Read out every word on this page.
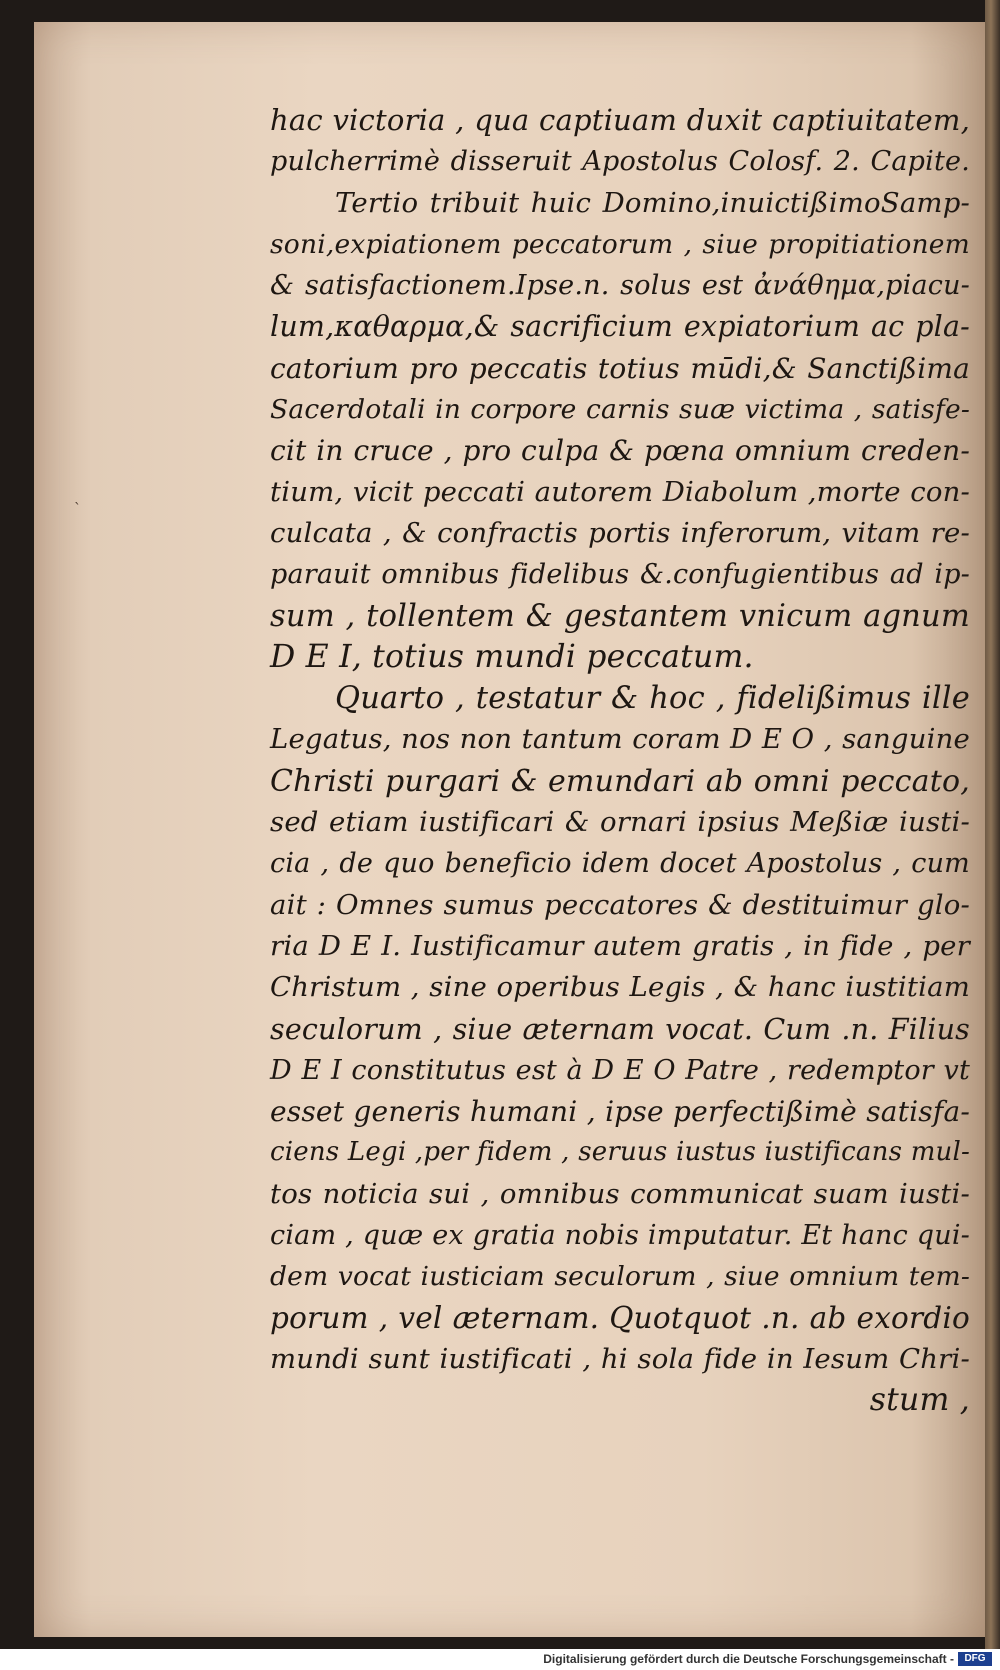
ˎ
hac victoria , qua captiuam duxit captiuitatem,
pulcherrimè disseruit Apostolus Colosf. 2. Capite.
Tertio tribuit huic Domino,inuictißimoSamp-
soni,expiationem peccatorum , siue propitiationem
& satisfactionem.Ipse.n. solus est ἀνάθημα,piacu-
lum,καθαρμα,& sacrificium expiatorium ac pla-
catorium pro peccatis totius mūdi,& Sanctißima
Sacerdotali in corpore carnis suæ victima , satisfe-
cit in cruce , pro culpa & pœna omnium creden-
tium, vicit peccati autorem Diabolum ,morte con-
culcata , & confractis portis inferorum, vitam re-
parauit omnibus fidelibus &.confugientibus ad ip-
sum , tollentem & gestantem vnicum agnum
D E I, totius mundi peccatum.
Quarto , testatur & hoc , fidelißimus ille
Legatus, nos non tantum coram D E O , sanguine
Christi purgari & emundari ab omni peccato,
sed etiam iustificari & ornari ipsius Meßiæ iusti-
cia , de quo beneficio idem docet Apostolus , cum
ait : Omnes sumus peccatores & destituimur glo-
ria D E I. Iustificamur autem gratis , in fide , per
Christum , sine operibus Legis , & hanc iustitiam
seculorum , siue æternam vocat. Cum .n. Filius
D E I constitutus est à D E O Patre , redemptor vt
esset generis humani , ipse perfectißimè satisfa-
ciens Legi ,per fidem , seruus iustus iustificans mul-
tos noticia sui , omnibus communicat suam iusti-
ciam , quæ ex gratia nobis imputatur. Et hanc qui-
dem vocat iusticiam seculorum , siue omnium tem-
porum , vel æternam. Quotquot .n. ab exordio
mundi sunt iustificati , hi sola fide in Iesum Chri-
stum ,
Digitalisierung gefördert durch die Deutsche Forschungsgemeinschaft -	DFG
